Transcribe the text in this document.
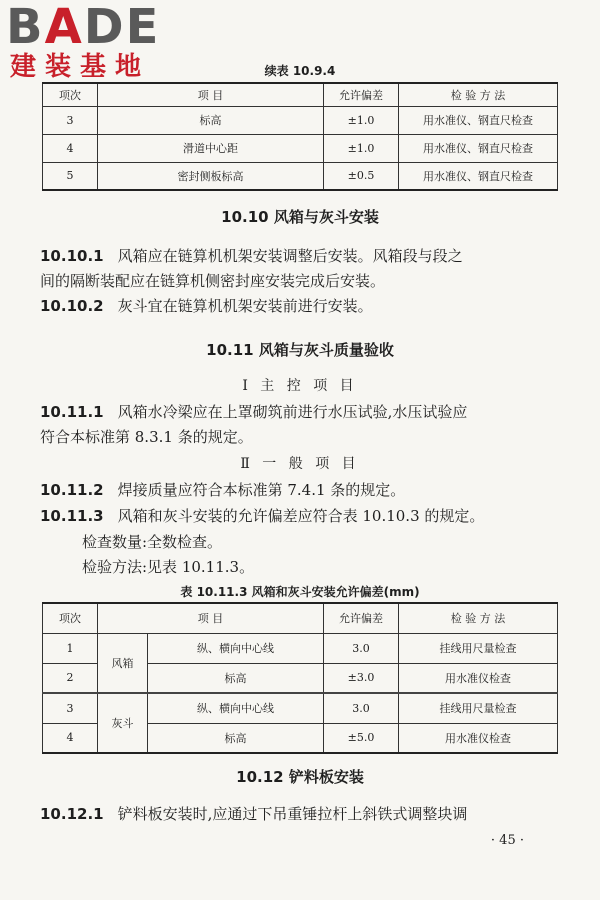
BADE
建装基地	续表 10.9.4
项次	项 目	允许偏差	检 验 方 法
3	标高	±1.0	用水准仪、钢直尺检查
4	滑道中心距	±1.0	用水准仪、钢直尺检查
5	密封侧板标高	±0.5	用水准仪、钢直尺检查
10.10 风箱与灰斗安装
10.10.1 风箱应在链算机机架安装调整后安装。风箱段与段之
间的隔断装配应在链算机侧密封座安装完成后安装。
10.10.2 灰斗宜在链算机机架安装前进行安装。
10.11 风箱与灰斗质量验收
Ⅰ 主 控 项 目
10.11.1 风箱水冷梁应在上罩砌筑前进行水压试验,水压试验应
符合本标准第 8.3.1 条的规定。
Ⅱ 一 般 项 目
10.11.2 焊接质量应符合本标准第 7.4.1 条的规定。
10.11.3 风箱和灰斗安装的允许偏差应符合表 10.10.3 的规定。
检查数量:全数检查。
检验方法:见表 10.11.3。
表 10.11.3 风箱和灰斗安装允许偏差(mm)
项次	项 目		允许偏差	检 验 方 法
1	风箱	纵、横向中心线	3.0	挂线用尺量检查
2		标高	±3.0	用水准仪检查
3	灰斗	纵、横向中心线	3.0	挂线用尺量检查
4		标高	±5.0	用水准仪检查
10.12 铲料板安装
10.12.1 铲料板安装时,应通过下吊重锤拉杆上斜铁式调整块调
· 45 ·
